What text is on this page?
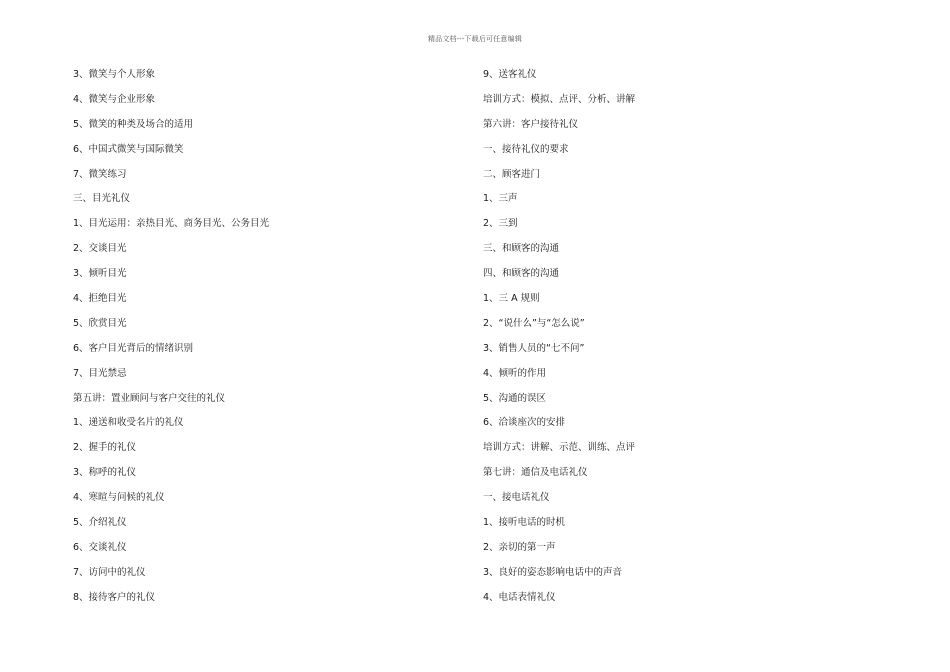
精品文档---下载后可任意编辑
3、微笑与个人形象
4、微笑与企业形象
5、微笑的种类及场合的适用
6、中国式微笑与国际微笑
7、微笑练习
三、目光礼仪
1、目光运用：亲热目光、商务目光、公务目光
2、交谈目光
3、倾听目光
4、拒绝目光
5、欣赏目光
6、客户目光背后的情绪识别
7、目光禁忌
第五讲：置业顾问与客户交往的礼仪
1、递送和收受名片的礼仪
2、握手的礼仪
3、称呼的礼仪
4、寒暄与问候的礼仪
5、介绍礼仪
6、交谈礼仪
7、访问中的礼仪
8、接待客户的礼仪
9、送客礼仪
培训方式：模拟、点评、分析、讲解
第六讲：客户接待礼仪
一、接待礼仪的要求
二、顾客进门
1、三声
2、三到
三、和顾客的沟通
四、和顾客的沟通
1、三 A 规则
2、“说什么”与“怎么说”
3、销售人员的“七不问”
4、倾听的作用
5、沟通的误区
6、洽谈座次的安排
培训方式：讲解、示范、训练、点评
第七讲：通信及电话礼仪
一、接电话礼仪
1、接听电话的时机
2、亲切的第一声
3、良好的姿态影响电话中的声音
4、电话表情礼仪
